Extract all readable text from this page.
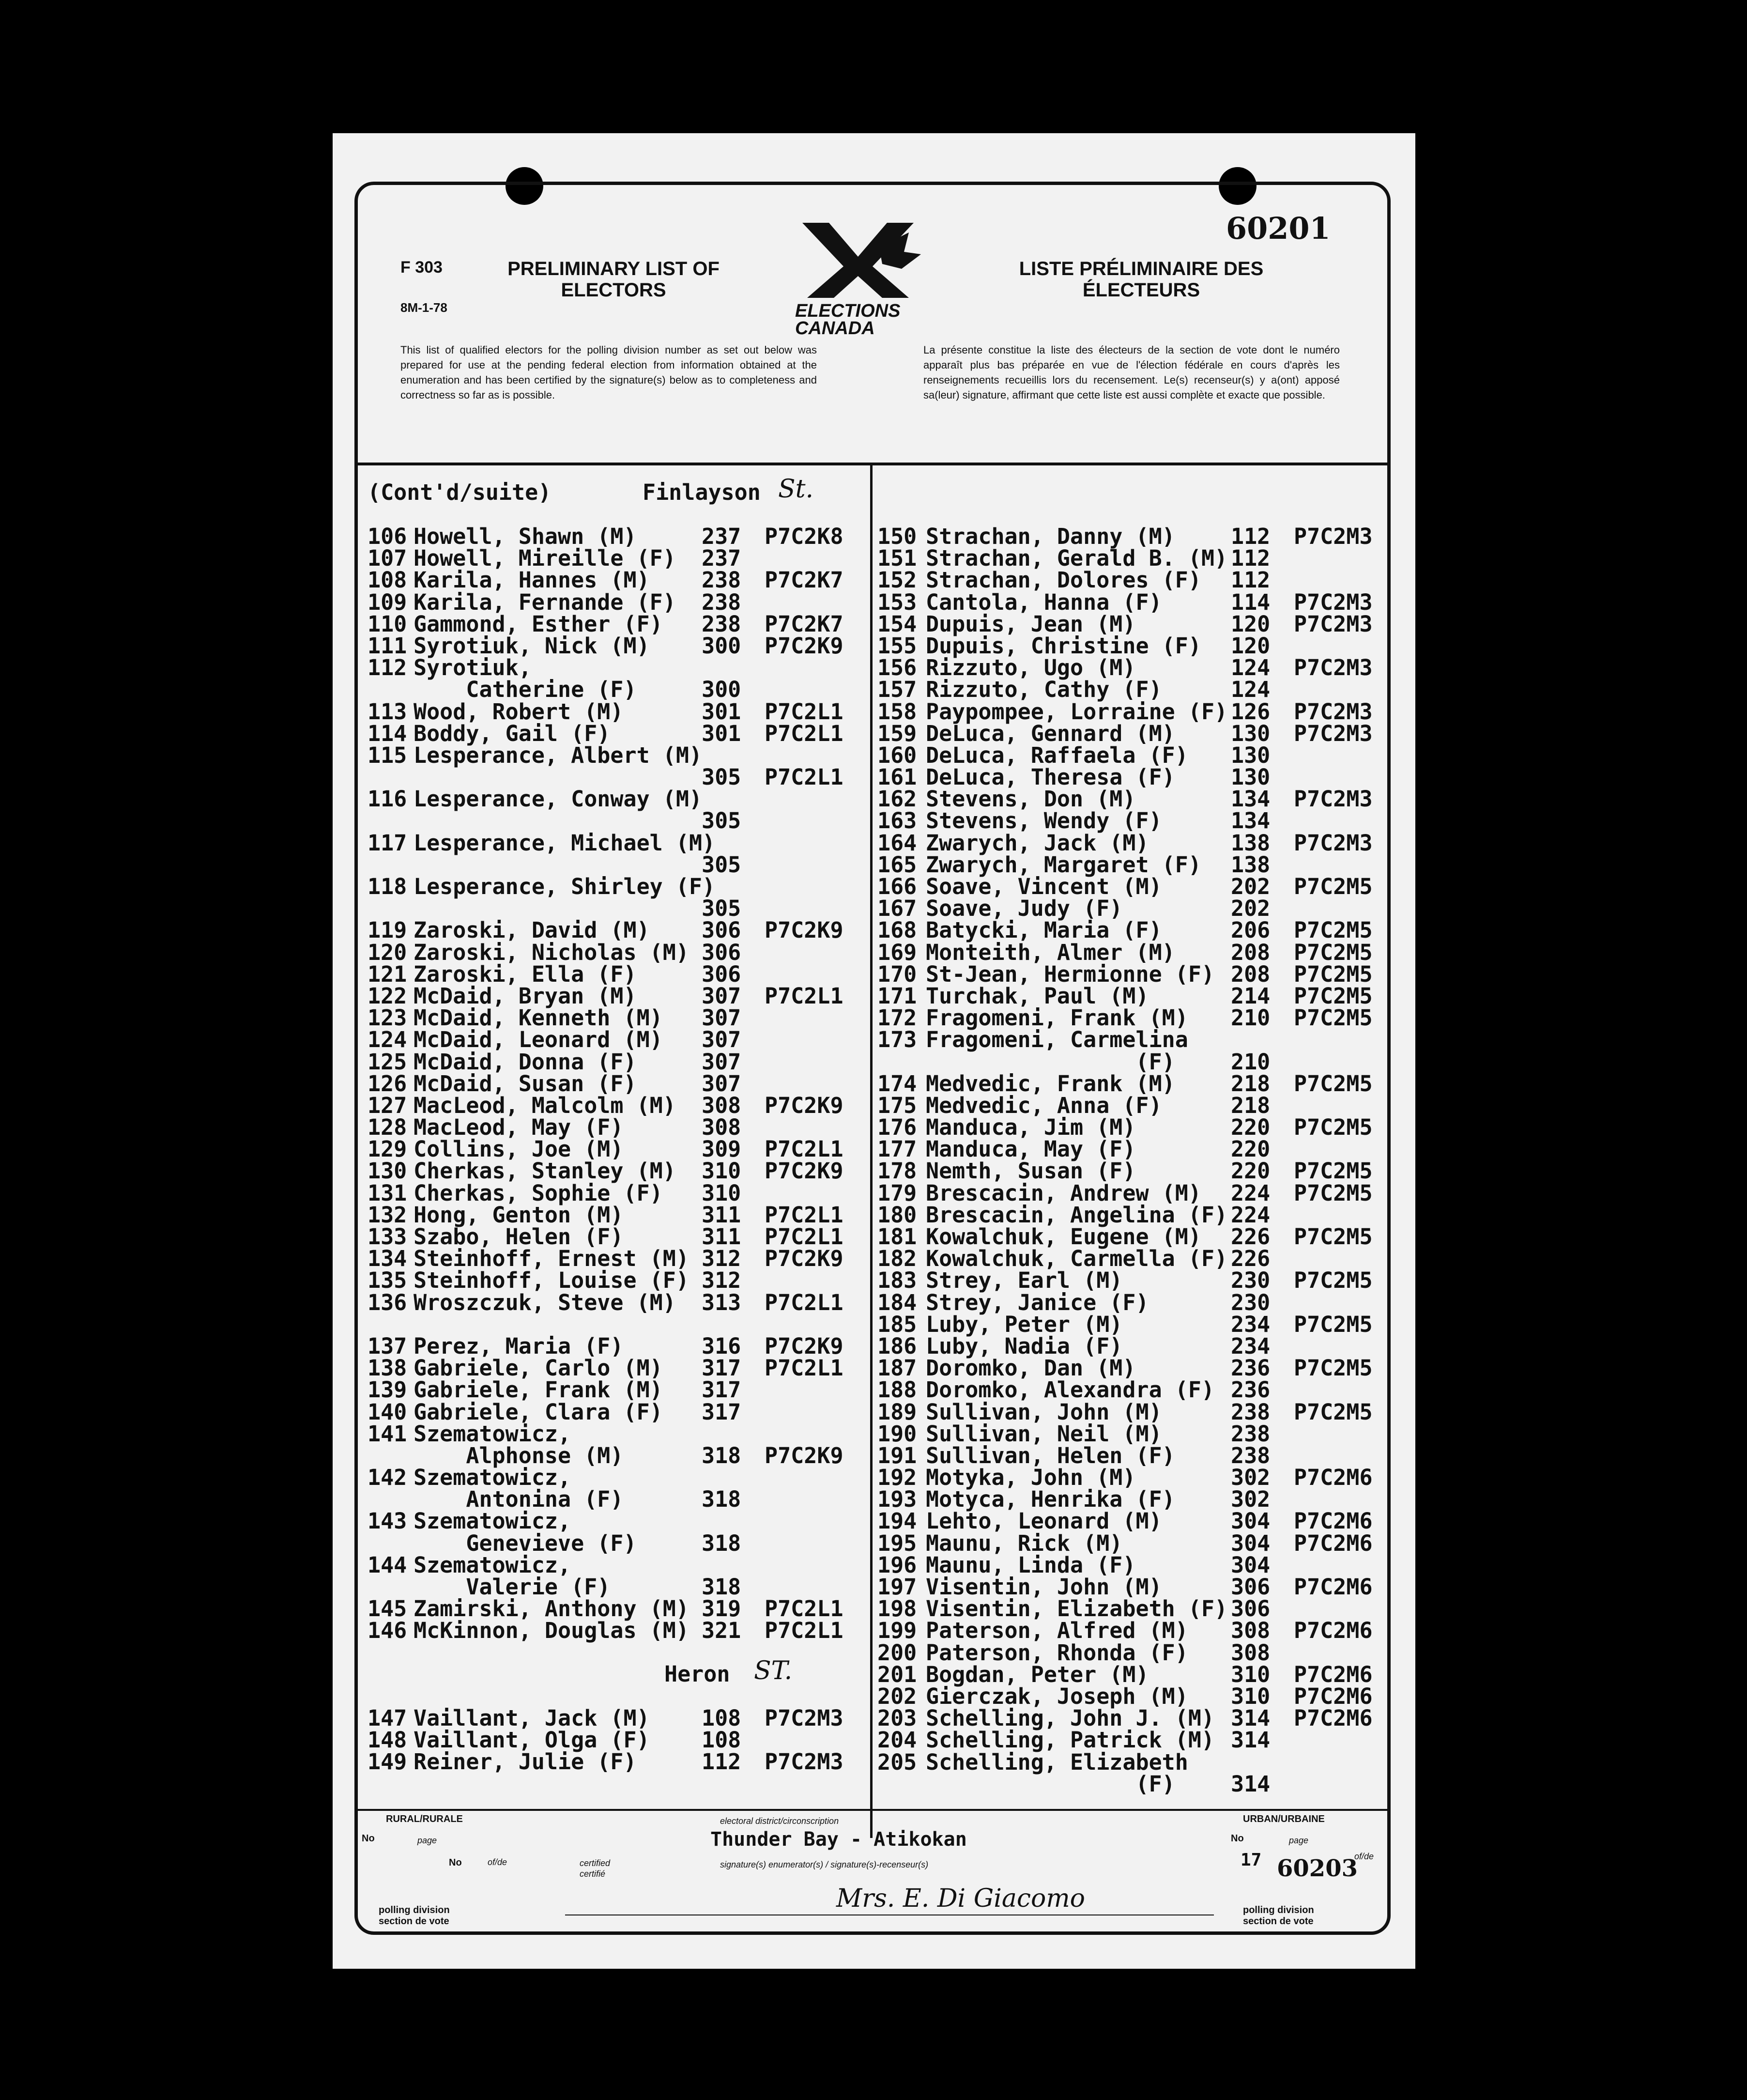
60201
F 303
8M-1-78
PRELIMINARY LIST OF
ELECTORS
LISTE PRÉLIMINAIRE DES
ÉLECTEURS
ELECTIONS
CANADA
This list of qualified electors for the polling division number as set out below was prepared for use at the pending federal election from information obtained at the enumeration and has been certified by the signature(s) below as to completeness and correctness so far as is possible.
La présente constitue la liste des électeurs de la section de vote dont le numéro apparaît plus bas préparée en vue de l'élection fédérale en cours d'après les renseignements recueillis lors du recensement. Le(s) recenseur(s) y a(ont) apposé sa(leur) signature, affirmant que cette liste est aussi complète et exacte que possible.
(Cont'd/suite)	Finlayson St.
106 Howell, Shawn (M)	237 P7C2K8
107 Howell, Mireille (F) 237
108 Karila, Hannes (M) 238 P7C2K7
109 Karila, Fernande (F) 238
110 Gammond, Esther (F) 238 P7C2K7
111 Syrotiuk, Nick (M) 300 P7C2K9
112 Syrotiuk,
Catherine (F)	300
113 Wood, Robert (M)	301 P7C2L1
114 Boddy, Gail (F)	301 P7C2L1
115 Lesperance, Albert (M)
305 P7C2L1
116 Lesperance, Conway (M)
305
117 Lesperance, Michael (M)
305
118 Lesperance, Shirley (F)
305
119 Zaroski, David (M) 306 P7C2K9
120 Zaroski, Nicholas (M) 306
121 Zaroski, Ella (F)	306
122 McDaid, Bryan (M)	307 P7C2L1
123 McDaid, Kenneth (M) 307
124 McDaid, Leonard (M) 307
125 McDaid, Donna (F)	307
126 McDaid, Susan (F)	307
127 MacLeod, Malcolm (M) 308 P7C2K9
128 MacLeod, May (F)	308
129 Collins, Joe (M)	309 P7C2L1
130 Cherkas, Stanley (M) 310 P7C2K9
131 Cherkas, Sophie (F) 310
132 Hong, Genton (M)	311 P7C2L1
133 Szabo, Helen (F)	311 P7C2L1
134 Steinhoff, Ernest (M) 312 P7C2K9
135 Steinhoff, Louise (F) 312
136 Wroszczuk, Steve (M) 313 P7C2L1
137 Perez, Maria (F)	316 P7C2K9
138 Gabriele, Carlo (M) 317 P7C2L1
139 Gabriele, Frank (M) 317
140 Gabriele, Clara (F) 317
141 Szematowicz,
Alphonse (M)	318 P7C2K9
142 Szematowicz,
Antonina (F)	318
143 Szematowicz,
Genevieve (F)	318
144 Szematowicz,
Valerie (F)	318
145 Zamirski, Anthony (M) 319 P7C2L1
146 McKinnon, Douglas (M) 321 P7C2L1
Heron ST.
147 Vaillant, Jack (M) 108 P7C2M3
148 Vaillant, Olga (F) 108
149 Reiner, Julie (F)	112 P7C2M3
150 Strachan, Danny (M)	112 P7C2M3
151 Strachan, Gerald B. (M) 112
152 Strachan, Dolores (F) 112
153 Cantola, Hanna (F)	114 P7C2M3
154 Dupuis, Jean (M)	120 P7C2M3
155 Dupuis, Christine (F) 120
156 Rizzuto, Ugo (M)	124 P7C2M3
157 Rizzuto, Cathy (F)	124
158 Paypompee, Lorraine (F) 126 P7C2M3
159 DeLuca, Gennard (M)	130 P7C2M3
160 DeLuca, Raffaela (F) 130
161 DeLuca, Theresa (F)	130
162 Stevens, Don (M)	134 P7C2M3
163 Stevens, Wendy (F)	134
164 Zwarych, Jack (M)	138 P7C2M3
165 Zwarych, Margaret (F) 138
166 Soave, Vincent (M)	202 P7C2M5
167 Soave, Judy (F)	202
168 Batycki, Maria (F)	206 P7C2M5
169 Monteith, Almer (M)	208 P7C2M5
170 St-Jean, Hermionne (F) 208 P7C2M5
171 Turchak, Paul (M)	214 P7C2M5
172 Fragomeni, Frank (M) 210 P7C2M5
173 Fragomeni, Carmelina
(F)	210
174 Medvedic, Frank (M)	218 P7C2M5
175 Medvedic, Anna (F)	218
176 Manduca, Jim (M)	220 P7C2M5
177 Manduca, May (F)	220
178 Nemth, Susan (F)	220 P7C2M5
179 Brescacin, Andrew (M) 224 P7C2M5
180 Brescacin, Angelina (F) 224
181 Kowalchuk, Eugene (M) 226 P7C2M5
182 Kowalchuk, Carmella (F) 226
183 Strey, Earl (M)	230 P7C2M5
184 Strey, Janice (F)	230
185 Luby, Peter (M)	234 P7C2M5
186 Luby, Nadia (F)	234
187 Doromko, Dan (M)	236 P7C2M5
188 Doromko, Alexandra (F) 236
189 Sullivan, John (M)	238 P7C2M5
190 Sullivan, Neil (M)	238
191 Sullivan, Helen (F)	238
192 Motyka, John (M)	302 P7C2M6
193 Motyca, Henrika (F)	302
194 Lehto, Leonard (M)	304 P7C2M6
195 Maunu, Rick (M)	304 P7C2M6
196 Maunu, Linda (F)	304
197 Visentin, John (M)	306 P7C2M6
198 Visentin, Elizabeth (F) 306
199 Paterson, Alfred (M) 308 P7C2M6
200 Paterson, Rhonda (F) 308
201 Bogdan, Peter (M)	310 P7C2M6
202 Gierczak, Joseph (M) 310 P7C2M6
203 Schelling, John J. (M) 314 P7C2M6
204 Schelling, Patrick (M) 314
205 Schelling, Elizabeth
(F)	314
RURAL/RURALE	URBAN/URBAINE
electoral district/circonscription
No	page	No	page
Thunder Bay - Atikokan
No	of/de	certified
certifié
signature(s) enumerator(s) / signature(s)-recenseur(s)	17 60203
of/de
Mrs. E. Di Giacomo
polling division
section de vote
polling division
section de vote
